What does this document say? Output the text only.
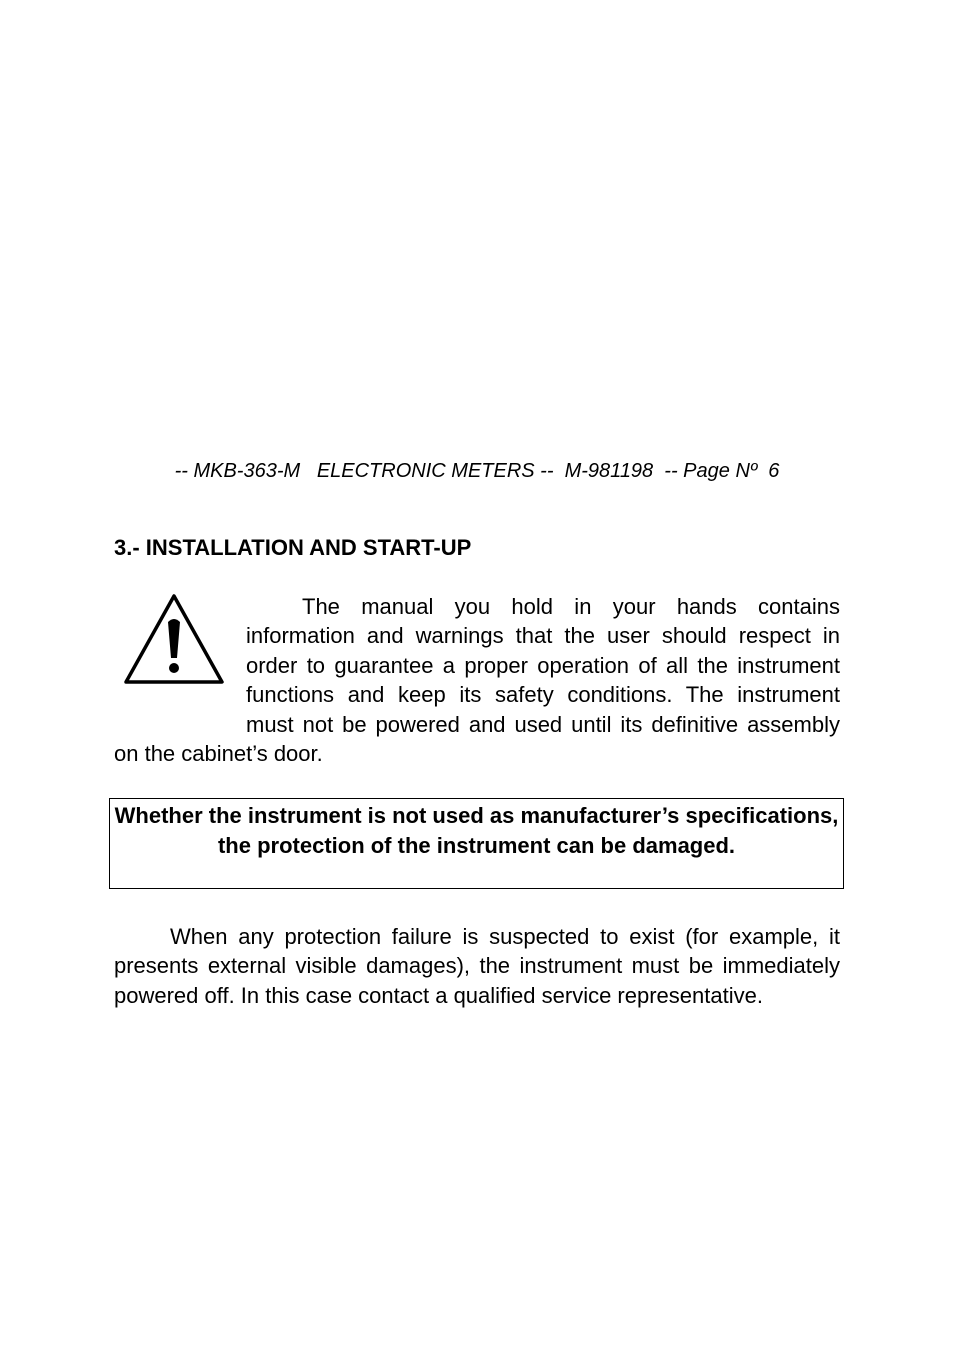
-- MKB-363-M   ELECTRONIC METERS --  M-981198  -- Page Nº  6
3.- INSTALLATION AND START-UP

The manual you hold in your hands contains information and warnings that the user should respect in order to guarantee a proper operation of all the instrument functions and keep its safety conditions. The instrument must not be powered and used until its definitive assembly on the cabinet’s door.

Whether the instrument is not used as manufacturer’s specifications, the protection of the instrument can be damaged.

When any protection failure is suspected to exist (for example, it presents external visible damages), the instrument must be immediately powered off. In this case contact a qualified service representative.
